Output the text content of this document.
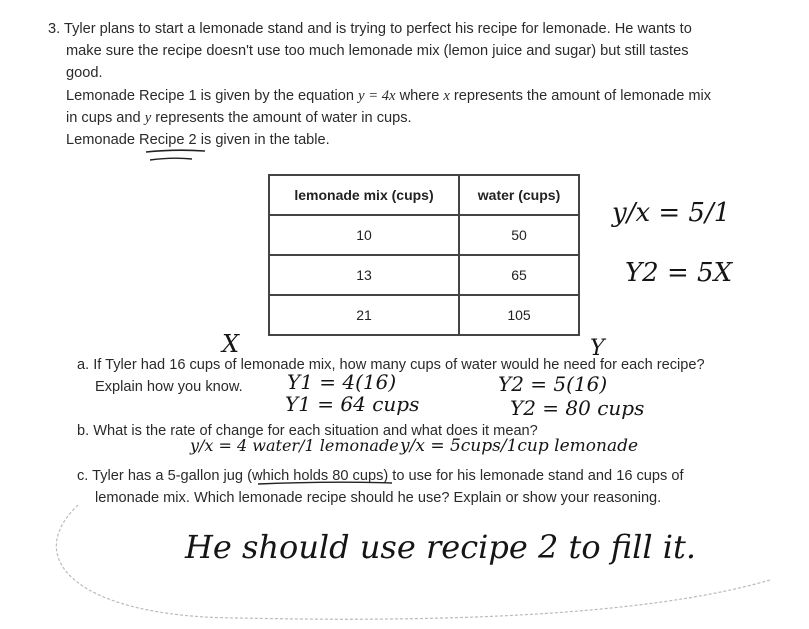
3. Tyler plans to start a lemonade stand and is trying to perfect his recipe for lemonade. He wants to
make sure the recipe doesn't use too much lemonade mix (lemon juice and sugar) but still tastes
good.
Lemonade Recipe 1 is given by the equation y = 4x where x represents the amount of lemonade mix
in cups and y represents the amount of water in cups.
Lemonade Recipe 2 is given in the table.
lemonade mix (cups)	water (cups)
10	50
13	65
21	105
a. If Tyler had 16 cups of lemonade mix, how many cups of water would he need for each recipe?
Explain how you know.
b. What is the rate of change for each situation and what does it mean?
c. Tyler has a 5-gallon jug (which holds 80 cups) to use for his lemonade stand and 16 cups of
lemonade mix. Which lemonade recipe should he use? Explain or show your reasoning.
X	Y
y/x = 5/1
Y2 = 5X
Y1 = 4(16)
Y1 = 64 cups
Y2 = 5(16)
Y2 = 80 cups
y/x = 4 water/1 lemonade y/x = 5cups/1cup lemonade
He should use recipe 2 to fill it.
